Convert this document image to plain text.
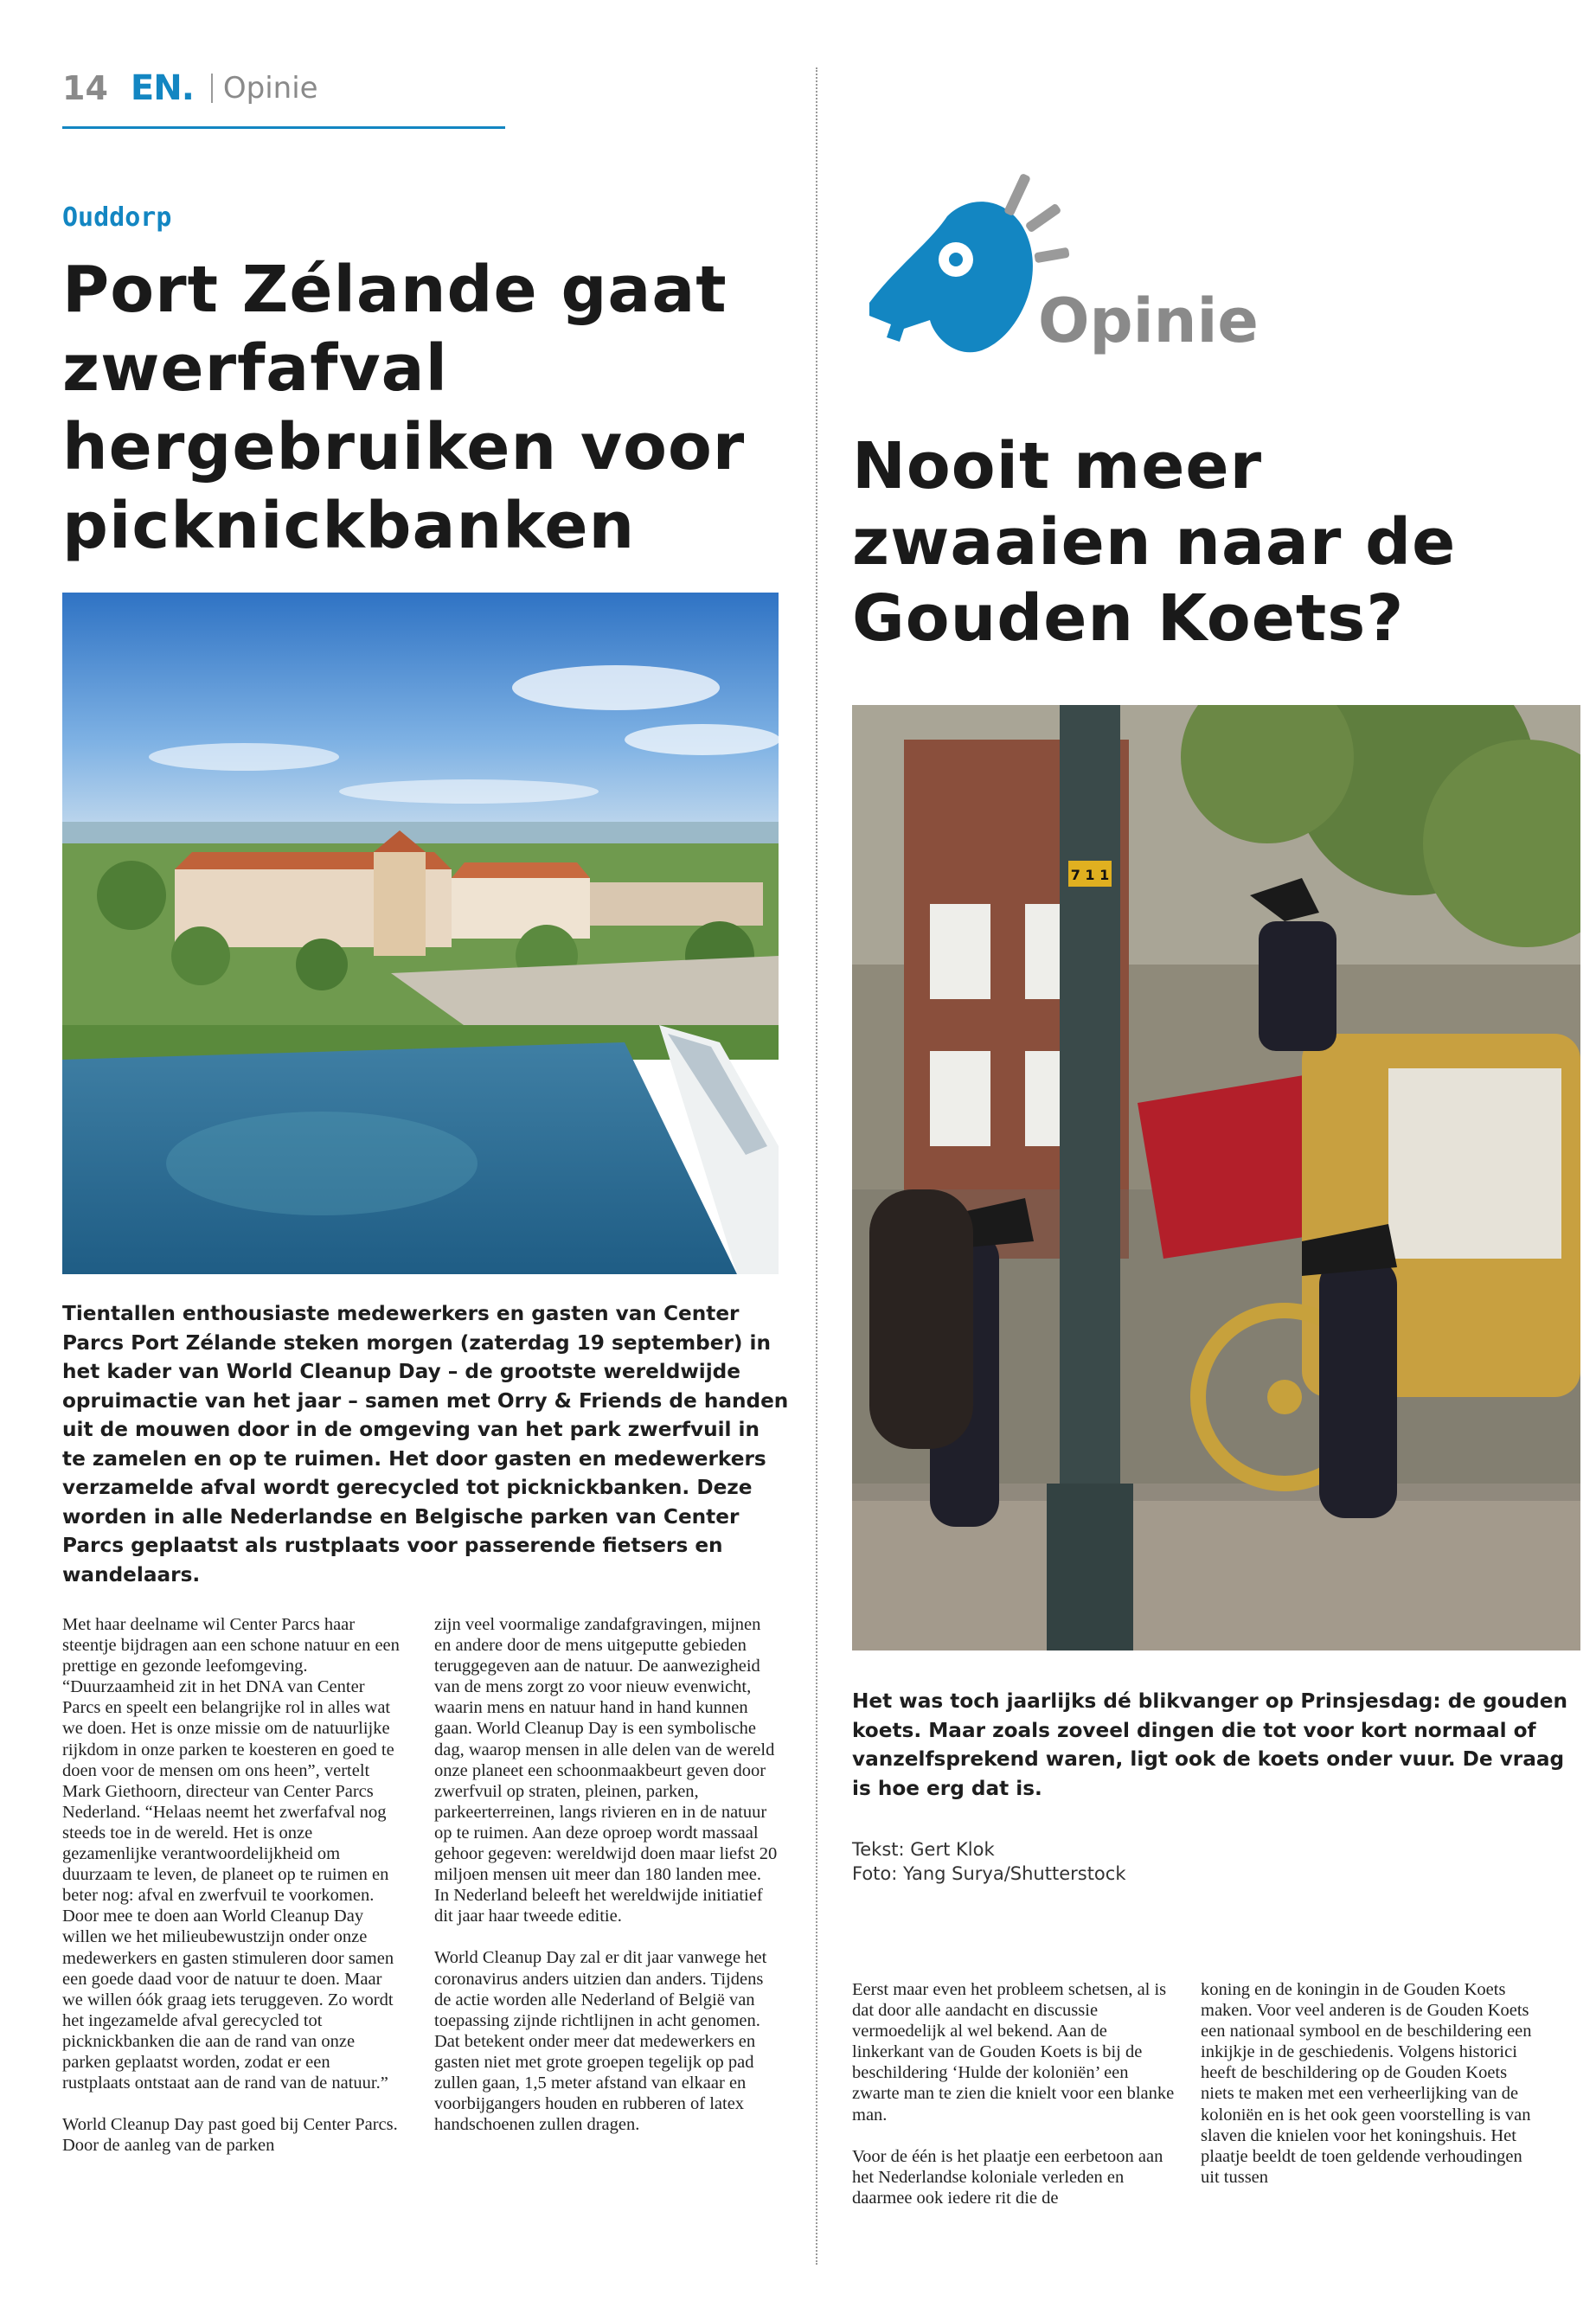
14 EN. Opinie
Ouddorp
Port Zélande gaat zwerfafval hergebruiken voor picknickbanken
Tientallen enthousiaste medewerkers en gasten van Center Parcs Port Zélande steken morgen (zaterdag 19 september) in het kader van World Cleanup Day – de grootste wereldwijde opruimactie van het jaar – samen met Orry & Friends de handen uit de mouwen door in de omgeving van het park zwerfvuil in te zamelen en op te ruimen. Het door gasten en medewerkers verzamelde afval wordt gerecycled tot picknickbanken. Deze worden in alle Nederlandse en Belgische parken van Center Parcs geplaatst als rustplaats voor passerende fietsers en wandelaars.

Met haar deelname wil Center Parcs haar steentje bijdragen aan een schone natuur en een prettige en gezonde leefomgeving. “Duurzaamheid zit in het DNA van Center Parcs en speelt een belangrijke rol in alles wat we doen. Het is onze missie om de natuurlijke rijkdom in onze parken te koesteren en goed te doen voor de mensen om ons heen”, vertelt Mark Giethoorn, directeur van Center Parcs Nederland. “Helaas neemt het zwerfafval nog steeds toe in de wereld. Het is onze gezamenlijke verantwoordelijkheid om duurzaam te leven, de planeet op te ruimen en beter nog: afval en zwerfvuil te voorkomen. Door mee te doen aan World Cleanup Day willen we het milieubewustzijn onder onze medewerkers en gasten stimuleren door samen een goede daad voor de natuur te doen. Maar we willen óók graag iets teruggeven. Zo wordt het ingezamelde afval gerecycled tot picknickbanken die aan de rand van onze parken geplaatst worden, zodat er een rustplaats ontstaat aan de rand van de natuur.”

World Cleanup Day past goed bij Center Parcs. Door de aanleg van de parken

zijn veel voormalige zandafgravingen, mijnen en andere door de mens uitgeputte gebieden teruggegeven aan de natuur. De aanwezigheid van de mens zorgt zo voor nieuw evenwicht, waarin mens en natuur hand in hand kunnen gaan. World Cleanup Day is een symbolische dag, waarop mensen in alle delen van de wereld onze planeet een schoonmaakbeurt geven door zwerfvuil op straten, pleinen, parken, parkeerterreinen, langs rivieren en in de natuur op te ruimen. Aan deze oproep wordt massaal gehoor gegeven: wereldwijd doen maar liefst 20 miljoen mensen uit meer dan 180 landen mee. In Nederland beleeft het wereldwijde initiatief dit jaar haar tweede editie.

World Cleanup Day zal er dit jaar vanwege het coronavirus anders uitzien dan anders. Tijdens de actie worden alle Nederland of België van toepassing zijnde richtlijnen in acht genomen. Dat betekent onder meer dat medewerkers en gasten niet met grote groepen tegelijk op pad zullen gaan, 1,5 meter afstand van elkaar en voorbijgangers houden en rubberen of latex handschoenen zullen dragen.

Opinie
Nooit meer zwaaien naar de Gouden Koets?
7 1 1
Het was toch jaarlijks dé blikvanger op Prinsjesdag: de gouden koets. Maar zoals zoveel dingen die tot voor kort normaal of vanzelfsprekend waren, ligt ook de koets onder vuur. De vraag is hoe erg dat is.
Tekst: Gert Klok
Foto: Yang Surya/Shutterstock

Eerst maar even het probleem schetsen, al is dat door alle aandacht en discussie vermoedelijk al wel bekend. Aan de linkerkant van de Gouden Koets is bij de beschildering ‘Hulde der koloniën’ een zwarte man te zien die knielt voor een blanke man.

Voor de één is het plaatje een eerbetoon aan het Nederlandse koloniale verleden en daarmee ook iedere rit die de

koning en de koningin in de Gouden Koets maken. Voor veel anderen is de Gouden Koets een nationaal symbool en de beschildering een inkijkje in de geschiedenis. Volgens historici heeft de beschildering op de Gouden Koets niets te maken met een verheerlijking van de koloniën en is het ook geen voorstelling is van slaven die knielen voor het koningshuis. Het plaatje beeldt de toen geldende verhoudingen uit tussen
